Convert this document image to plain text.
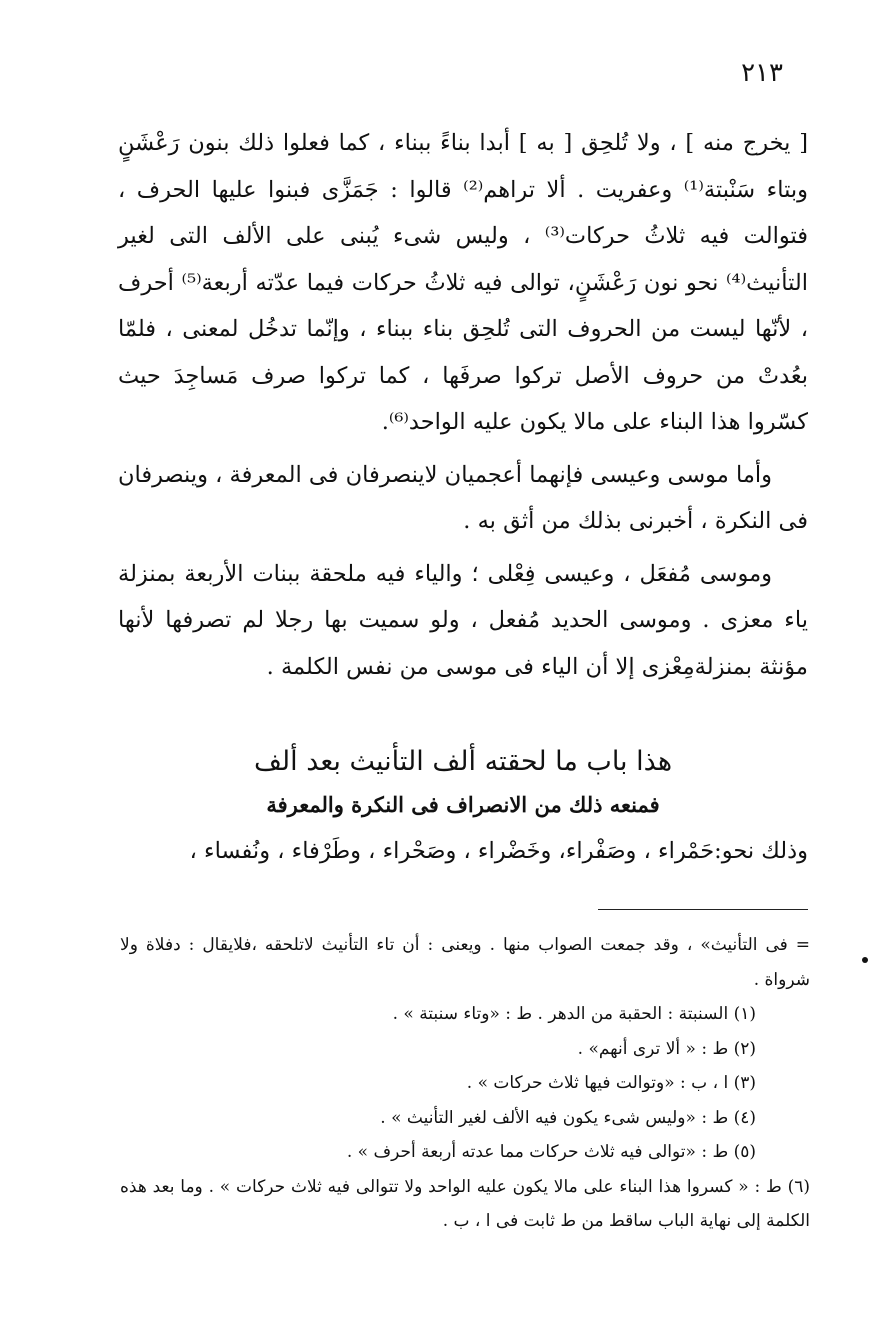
٢١٣

[ يخرج منه ] ، ولا تُلحِق [ به ] أبدا بناءً ببناء ، كما فعلوا ذلك بنون رَعْشَنٍ وبتاء سَنْبتة⁽¹⁾ وعفريت . ألا تراهم⁽²⁾ قالوا : جَمَزَّى فبنوا عليها الحرف ، فتوالت فيه ثلاثُ حركات⁽³⁾ ، وليس شىء يُبنى على الألف التى لغير التأنيث⁽⁴⁾ نحو نون رَعْشَنٍ، توالى فيه ثلاثُ حركات فيما عدّته أربعة⁽⁵⁾ أحرف ، لأنّها ليست من الحروف التى تُلحِق بناء ببناء ، وإنّما تدخُل لمعنى ، فلمّا بعُدتْ من حروف الأصل تركوا صرفَها ، كما تركوا صرف مَساجِدَ حيث كسّروا هذا البناء على مالا يكون عليه الواحد⁽⁶⁾.

وأما موسى وعيسى فإنهما أعجميان لاينصرفان فى المعرفة ، وينصرفان فى النكرة ، أخبرنى بذلك من أثق به .

وموسى مُفعَل ، وعيسى فِعْلى ؛ والياء فيه ملحقة ببنات الأربعة بمنزلة ياء معزى . وموسى الحديد مُفعل ، ولو سميت بها رجلا لم تصرفها لأنها مؤنثة بمنزلةمِعْزى إلا أن الياء فى موسى من نفس الكلمة .

هذا باب ما لحقته ألف التأنيث بعد ألف

فمنعه ذلك من الانصراف فى النكرة والمعرفة

وذلك نحو:حَمْراء ، وصَفْراء، وخَضْراء ، وصَحْراء ، وطَرْفاء ، ونُفساء ،

= فى التأنيث» ، وقد جمعت الصواب منها . ويعنى : أن تاء التأنيث لاتلحقه ،فلايقال : دفلاة ولا شرواة .

(١) السنبتة : الحقبة من الدهر . ط : «وتاء سنبتة » .

(٢) ط : « ألا ترى أنهم» .

(٣) ا ، ب : «وتوالت فيها ثلاث حركات » .

(٤) ط : «وليس شىء يكون فيه الألف لغير التأنيث » .

(٥) ط : «توالى فيه ثلاث حركات مما عدته أربعة أحرف » .

(٦) ط : « كسروا هذا البناء على مالا يكون عليه الواحد ولا تتوالى فيه ثلاث حركات » . وما بعد هذه الكلمة إلى نهاية الباب ساقط من ط ثابت فى ا ، ب .
